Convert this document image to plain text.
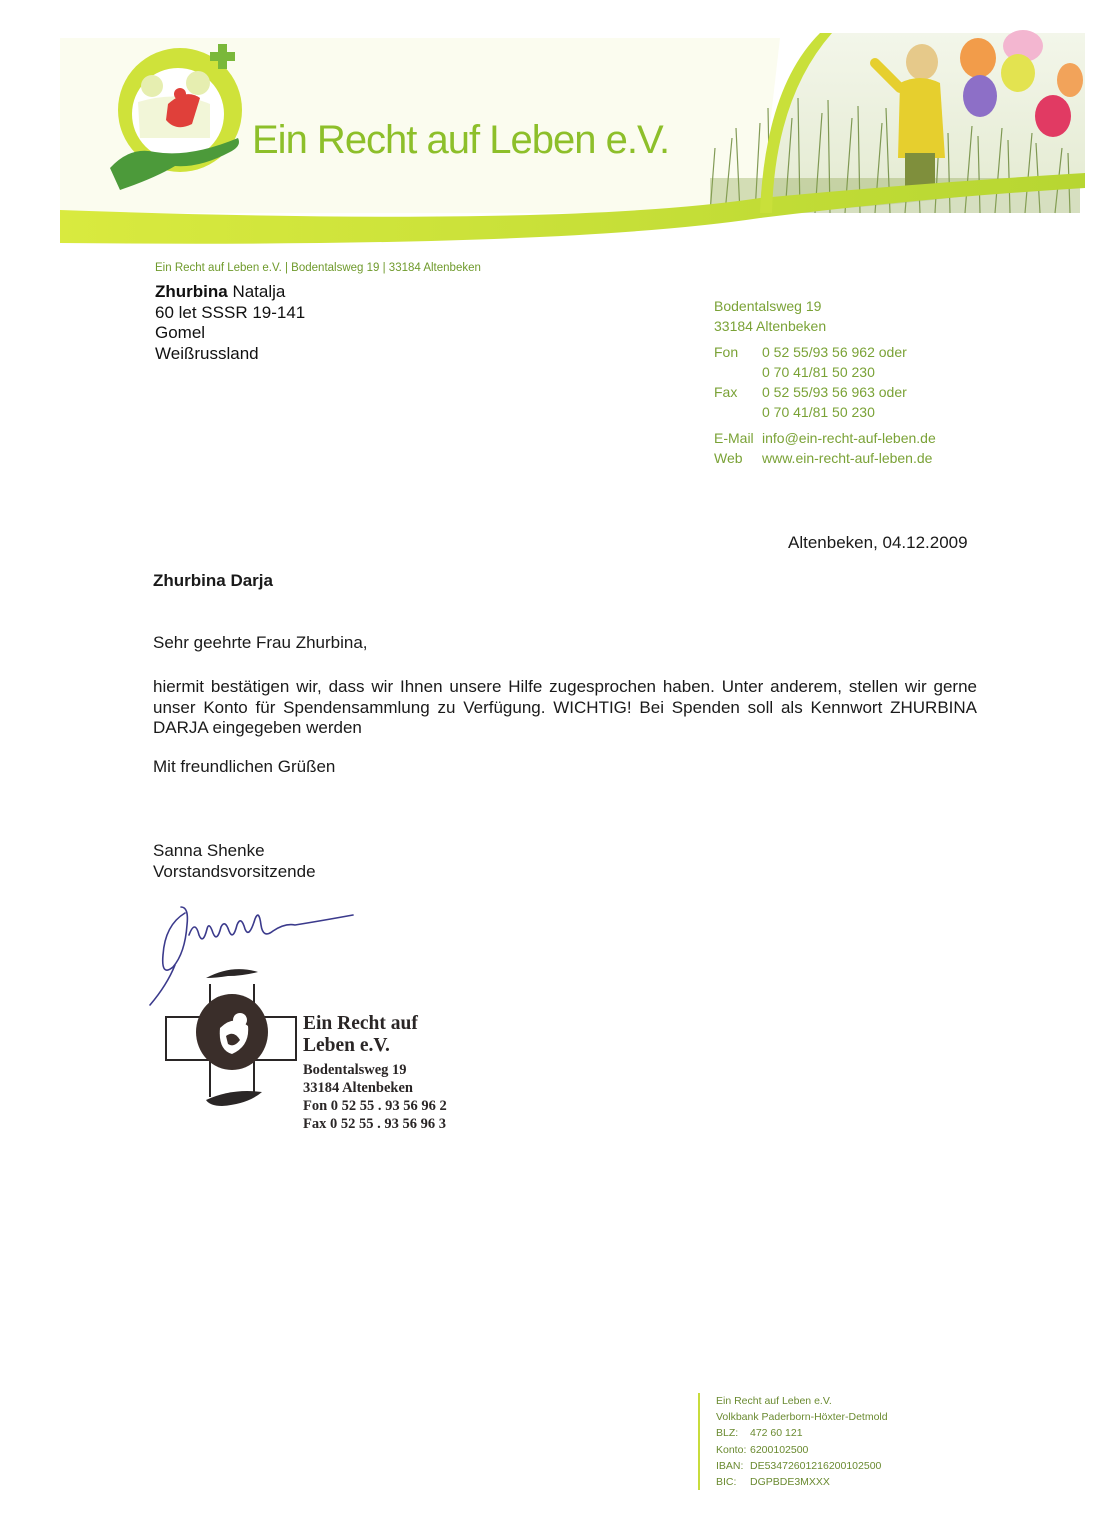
Ein Recht auf Leben e.V.
Ein Recht auf Leben e.V. | Bodentalsweg 19 | 33184 Altenbeken
Zhurbina Natalja
60 let SSSR 19-141
Gomel
Weißrussland
Bodentalsweg 19
33184 Altenbeken
Fon	0 52 55/93 56 962 oder
0 70 41/81 50 230
Fax	0 52 55/93 56 963 oder
0 70 41/81 50 230
E-Mail info@ein-recht-auf-leben.de
Web	www.ein-recht-auf-leben.de
Altenbeken, 04.12.2009
Zhurbina Darja
Sehr geehrte Frau Zhurbina,
hiermit bestätigen wir, dass wir Ihnen unsere Hilfe zugesprochen haben. Unter anderem, stellen wir gerne unser Konto für Spendensammlung zu Verfügung. WICHTIG! Bei Spenden soll als Kennwort ZHURBINA DARJA eingegeben werden
Mit freundlichen Grüßen
Sanna Shenke
Vorstandsvorsitzende
Ein Recht auf
Leben e.V.
Bodentalsweg 19
33184 Altenbeken
Fon 0 52 55 . 93 56 96 2
Fax 0 52 55 . 93 56 96 3
Ein Recht auf Leben e.V.
Volkbank Paderborn-Höxter-Detmold
BLZ:	472 60 121
Konto: 6200102500
IBAN: DE53472601216200102500
BIC:	DGPBDE3MXXX
